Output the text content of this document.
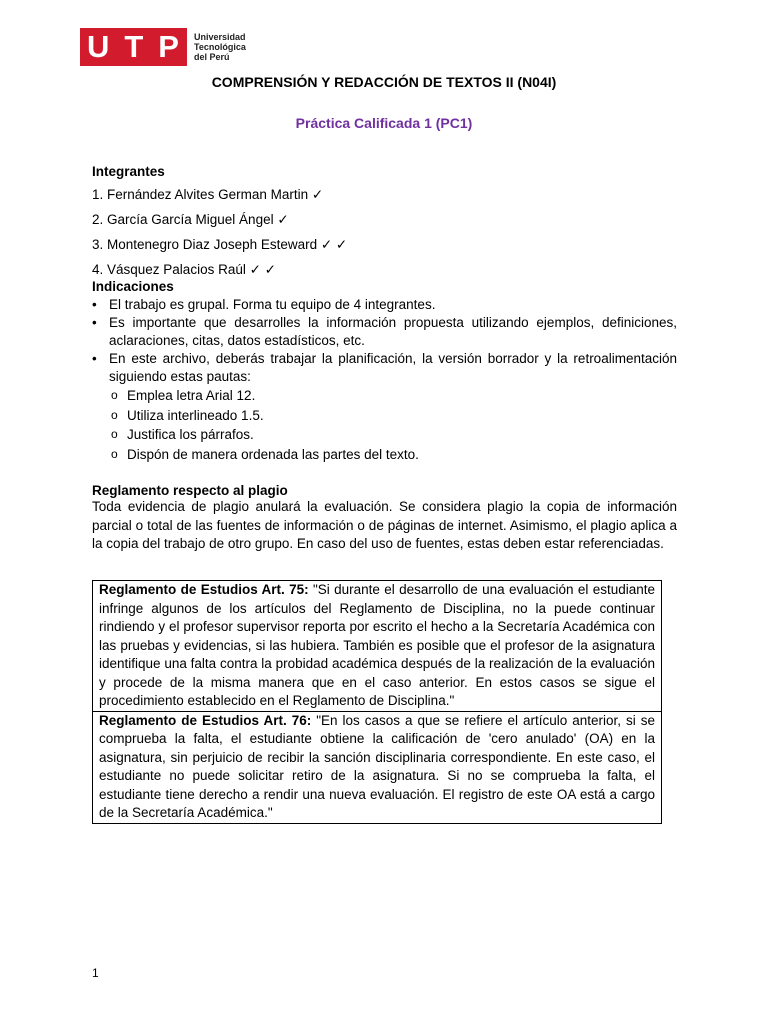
U T P Universidad
Tecnológica
del Perú
COMPRENSIÓN Y REDACCIÓN DE TEXTOS II (N04I)
Práctica Calificada 1 (PC1)
Integrantes
1. Fernández Alvites German Martin ✓
2. García García Miguel Ángel ✓
3. Montenegro Diaz Joseph Esteward ✓ ✓
4. Vásquez Palacios Raúl ✓ ✓
Indicaciones
• El trabajo es grupal. Forma tu equipo de 4 integrantes.
• Es importante que desarrolles la información propuesta utilizando ejemplos, definiciones, aclaraciones, citas, datos estadísticos, etc.
• En este archivo, deberás trabajar la planificación, la versión borrador y la retroalimentación siguiendo estas pautas:
o Emplea letra Arial 12.
o Utiliza interlineado 1.5.
o Justifica los párrafos.
o Dispón de manera ordenada las partes del texto.
Reglamento respecto al plagio
Toda evidencia de plagio anulará la evaluación. Se considera plagio la copia de información parcial o total de las fuentes de información o de páginas de internet. Asimismo, el plagio aplica a la copia del trabajo de otro grupo. En caso del uso de fuentes, estas deben estar referenciadas.
Reglamento de Estudios Art. 75: "Si durante el desarrollo de una evaluación el estudiante infringe algunos de los artículos del Reglamento de Disciplina, no la puede continuar rindiendo y el profesor supervisor reporta por escrito el hecho a la Secretaría Académica con las pruebas y evidencias, si las hubiera. También es posible que el profesor de la asignatura identifique una falta contra la probidad académica después de la realización de la evaluación y procede de la misma manera que en el caso anterior. En estos casos se sigue el procedimiento establecido en el Reglamento de Disciplina."
Reglamento de Estudios Art. 76: "En los casos a que se refiere el artículo anterior, si se comprueba la falta, el estudiante obtiene la calificación de 'cero anulado' (OA) en la asignatura, sin perjuicio de recibir la sanción disciplinaria correspondiente. En este caso, el estudiante no puede solicitar retiro de la asignatura. Si no se comprueba la falta, el estudiante tiene derecho a rendir una nueva evaluación. El registro de este OA está a cargo de la Secretaría Académica."
1
